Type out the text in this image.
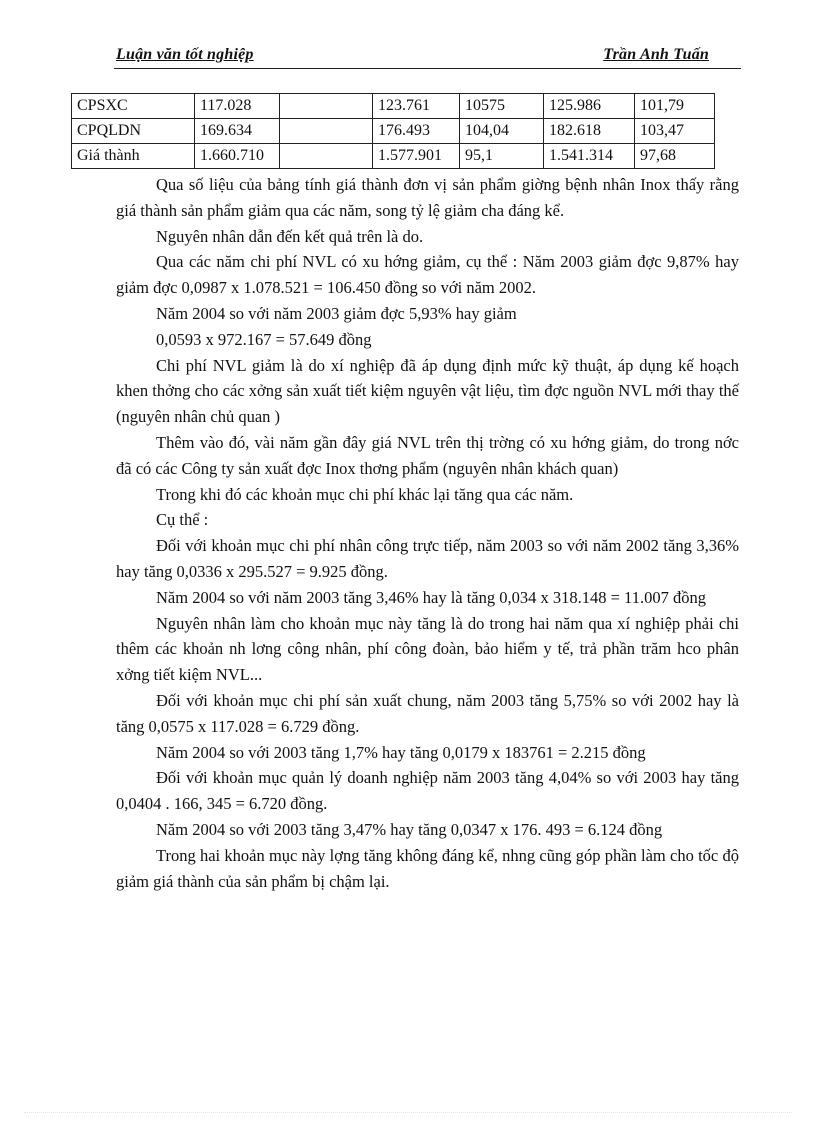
Luận văn tốt nghiệp	Trần Anh Tuấn
CPSXC	117.028		123.761	10575	125.986	101,79
CPQLDN	169.634		176.493	104,04	182.618	103,47
Giá thành	1.660.710		1.577.901	95,1	1.541.314	97,68

Qua số liệu của bảng tính giá thành đơn vị sản phẩm giờng bệnh nhân Inox thấy rằng giá thành sản phẩm giảm qua các năm, song tỷ lệ giảm cha đáng kể.

Nguyên nhân dẫn đến kết quả trên là do.

Qua các năm chi phí NVL có xu hớng giảm, cụ thể : Năm 2003 giảm đợc 9,87% hay giảm đợc 0,0987 x 1.078.521 = 106.450 đồng so với năm 2002.

Năm 2004 so với năm 2003 giảm đợc 5,93% hay giảm

0,0593 x 972.167 = 57.649 đồng

Chi phí NVL giảm là do xí nghiệp đã áp dụng định mức kỹ thuật, áp dụng kế hoạch khen thởng cho các xởng sản xuất tiết kiệm nguyên vật liệu, tìm đợc nguồn NVL mới thay thế (nguyên nhân chủ quan )

Thêm vào đó, vài năm gần đây giá NVL trên thị trờng có xu hớng giảm, do trong nớc đã có các Công ty sản xuất đợc Inox thơng phẩm (nguyên nhân khách quan)

Trong khi đó các khoản mục chi phí khác lại tăng qua các năm.

Cụ thể :

Đối với khoản mục chi phí nhân công trực tiếp, năm 2003 so với năm 2002 tăng 3,36% hay tăng 0,0336 x 295.527 = 9.925 đồng.

Năm 2004 so với năm 2003 tăng 3,46% hay là tăng 0,034 x 318.148 = 11.007 đồng

Nguyên nhân làm cho khoản mục này tăng là do trong hai năm qua xí nghiệp phải chi thêm các khoản nh lơng công nhân, phí công đoàn, bảo hiểm y tế, trả phần trăm hco phân xởng tiết kiệm NVL...

Đối với khoản mục chi phí sản xuất chung, năm 2003 tăng 5,75% so với 2002 hay là tăng 0,0575 x 117.028 = 6.729 đồng.

Năm 2004 so với 2003 tăng 1,7% hay tăng 0,0179 x 183761 = 2.215 đồng

Đối với khoản mục quản lý doanh nghiệp năm 2003 tăng 4,04% so với 2003 hay tăng 0,0404 . 166, 345 = 6.720 đồng.

Năm 2004 so với 2003 tăng 3,47% hay tăng 0,0347 x 176. 493 = 6.124 đồng

Trong hai khoản mục này lợng tăng không đáng kể, nhng cũng góp phần làm cho tốc độ giảm giá thành của sản phẩm bị chậm lại.
